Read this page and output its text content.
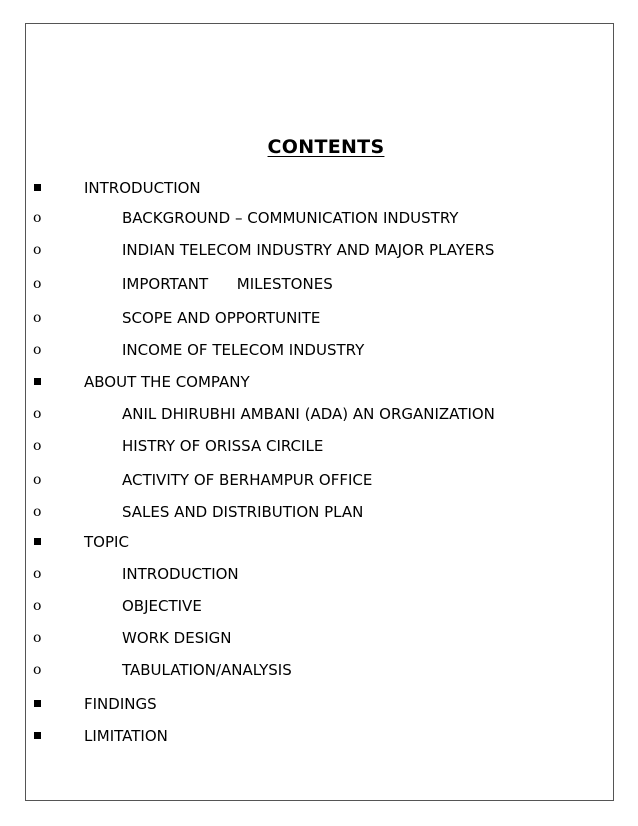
CONTENTS
INTRODUCTION
o	BACKGROUND – COMMUNICATION INDUSTRY
o	INDIAN TELECOM INDUSTRY AND MAJOR PLAYERS
o	IMPORTANT      MILESTONES
o	SCOPE AND OPPORTUNITE
o	INCOME OF TELECOM INDUSTRY
ABOUT THE COMPANY
o	ANIL DHIRUBHI AMBANI (ADA) AN ORGANIZATION
o	HISTRY OF ORISSA CIRCILE
o	ACTIVITY OF BERHAMPUR OFFICE
o	SALES AND DISTRIBUTION PLAN
TOPIC
o	INTRODUCTION
o	OBJECTIVE
o	WORK DESIGN
o	TABULATION/ANALYSIS
FINDINGS
LIMITATION
